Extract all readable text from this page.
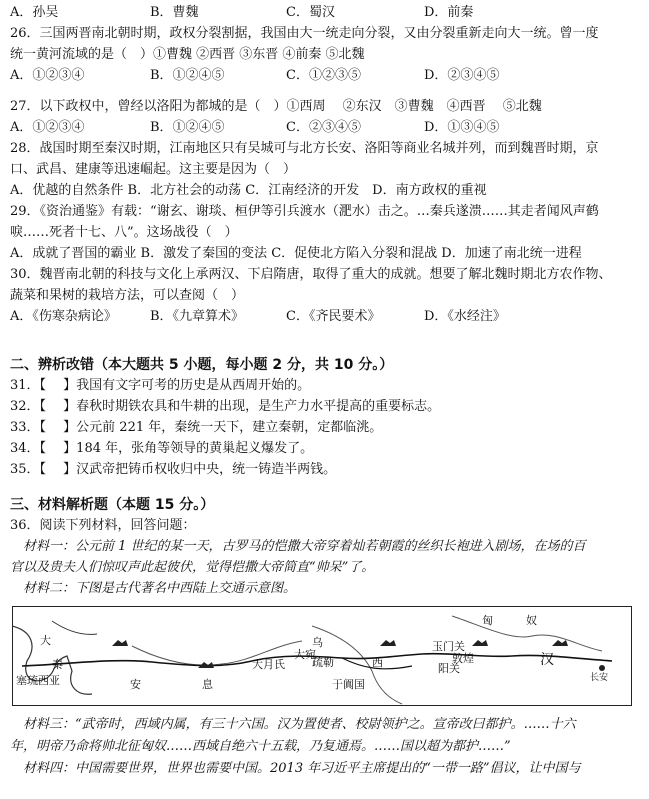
A．孙吴	B．曹魏	C．蜀汉	D．前秦
26．三国两晋南北朝时期，政权分裂割据，我国由大一统走向分裂，又由分裂重新走向大一统。曾一度
统一黄河流域的是（　）①曹魏 ②西晋 ③东晋 ④前秦 ⑤北魏
A．①②③④	B．①②④⑤	C．①②③⑤	D．②③④⑤
27．以下政权中，曾经以洛阳为都城的是（　）①西周　 ②东汉　③曹魏　④西晋　 ⑤北魏
A．①②③④	B．①②④⑤	C．②③④⑤	D．①③④⑤
28．战国时期至秦汉时期，江南地区只有吴城可与北方长安、洛阳等商业名城并列，而到魏晋时期，京
口、武昌、建康等迅速崛起。这主要是因为（　）
A．优越的自然条件 B．北方社会的动荡 C．江南经济的开发　D．南方政权的重视
29．《资治通鉴》有载：“谢玄、谢琰、桓伊等引兵渡水（淝水）击之。…秦兵遂溃……其走者闻风声鹤
唳……死者十七、八”。这场战役（　）
A．成就了晋国的霸业 B．激发了秦国的变法 C．促使北方陷入分裂和混战 D．加速了南北统一进程
30．魏晋南北朝的科技与文化上承两汉、下启隋唐，取得了重大的成就。想要了解北魏时期北方农作物、
蔬菜和果树的栽培方法，可以查阅（　）
A．《伤寒杂病论》	B．《九章算术》	C．《齐民要术》	D．《水经注》
二、辨析改错（本大题共 5 小题，每小题 2 分，共 10 分。）
31．【　 】我国有文字可考的历史是从西周开始的。
32．【　 】春秋时期铁农具和牛耕的出现，是生产力水平提高的重要标志。
33．【　 】公元前 221 年，秦统一天下，建立秦朝，定都临洮。
34．【　 】184 年，张角等领导的黄巢起义爆发了。
35．【　 】汉武帝把铸币权收归中央，统一铸造半两钱。
三、材料解析题（本题 15 分。）
36．阅读下列材料，回答问题：
　材料一：公元前 1 世纪的某一天，古罗马的恺撒大帝穿着灿若朝霞的丝织长袍进入剧场，在场的百
官以及贵夫人们惊叹声此起彼伏，觉得恺撒大帝简直“帅呆”了。
　材料二：下图是古代著名中西陆上交通示意图。
匈　　　奴
大
秦
塞琉西亚	安	息
乌
大宛
疏勒
大月氏
于阗国
西
玉门关
敦煌
阳关
汉
长安
　材料三：“武帝时，西域内属，有三十六国。汉为置使者、校尉领护之。宣帝改曰都护。……十六
年，明帝乃命将帅北征匈奴……西域自绝六十五载，乃复通焉。……国以超为都护……”
　材料四：中国需要世界，世界也需要中国。2013 年习近平主席提出的“一带一路”倡议，让中国与
